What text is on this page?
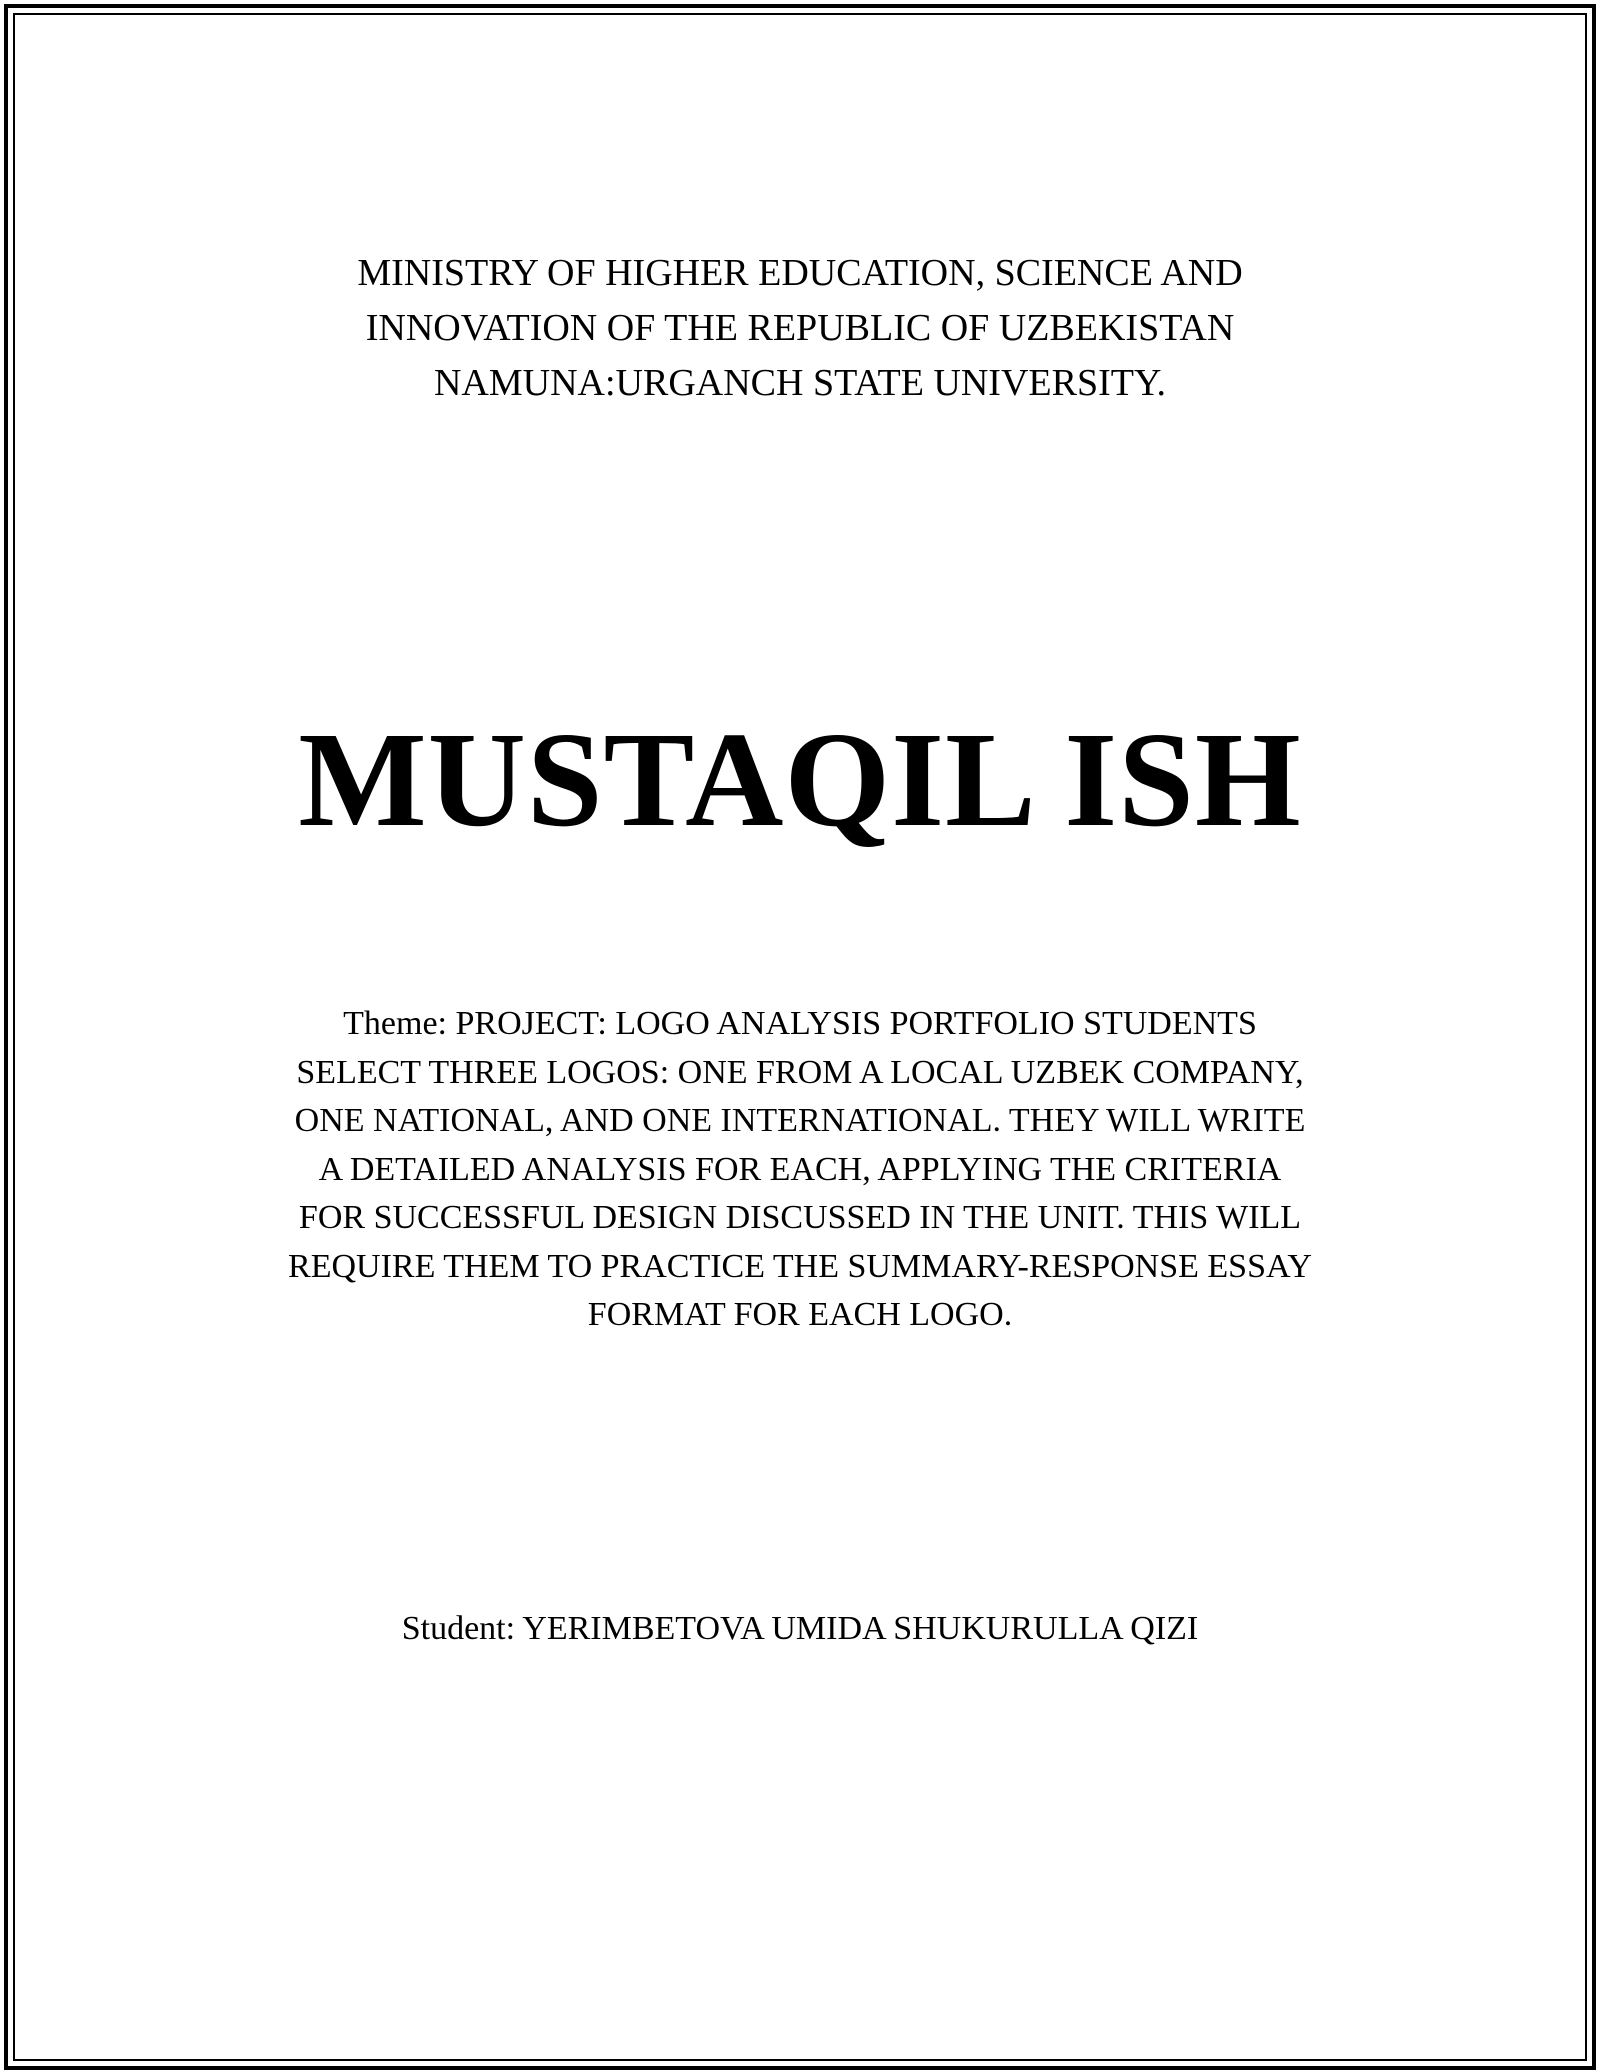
MINISTRY OF HIGHER EDUCATION, SCIENCE AND
INNOVATION OF THE REPUBLIC OF UZBEKISTAN
NAMUNA:URGANCH STATE UNIVERSITY.
MUSTAQIL ISH
Theme: PROJECT: LOGO ANALYSIS PORTFOLIO STUDENTS
SELECT THREE LOGOS: ONE FROM A LOCAL UZBEK COMPANY,
ONE NATIONAL, AND ONE INTERNATIONAL. THEY WILL WRITE
A DETAILED ANALYSIS FOR EACH, APPLYING THE CRITERIA
FOR SUCCESSFUL DESIGN DISCUSSED IN THE UNIT. THIS WILL
REQUIRE THEM TO PRACTICE THE SUMMARY-RESPONSE ESSAY
FORMAT FOR EACH LOGO.
Student: YERIMBETOVA UMIDA SHUKURULLA QIZI
